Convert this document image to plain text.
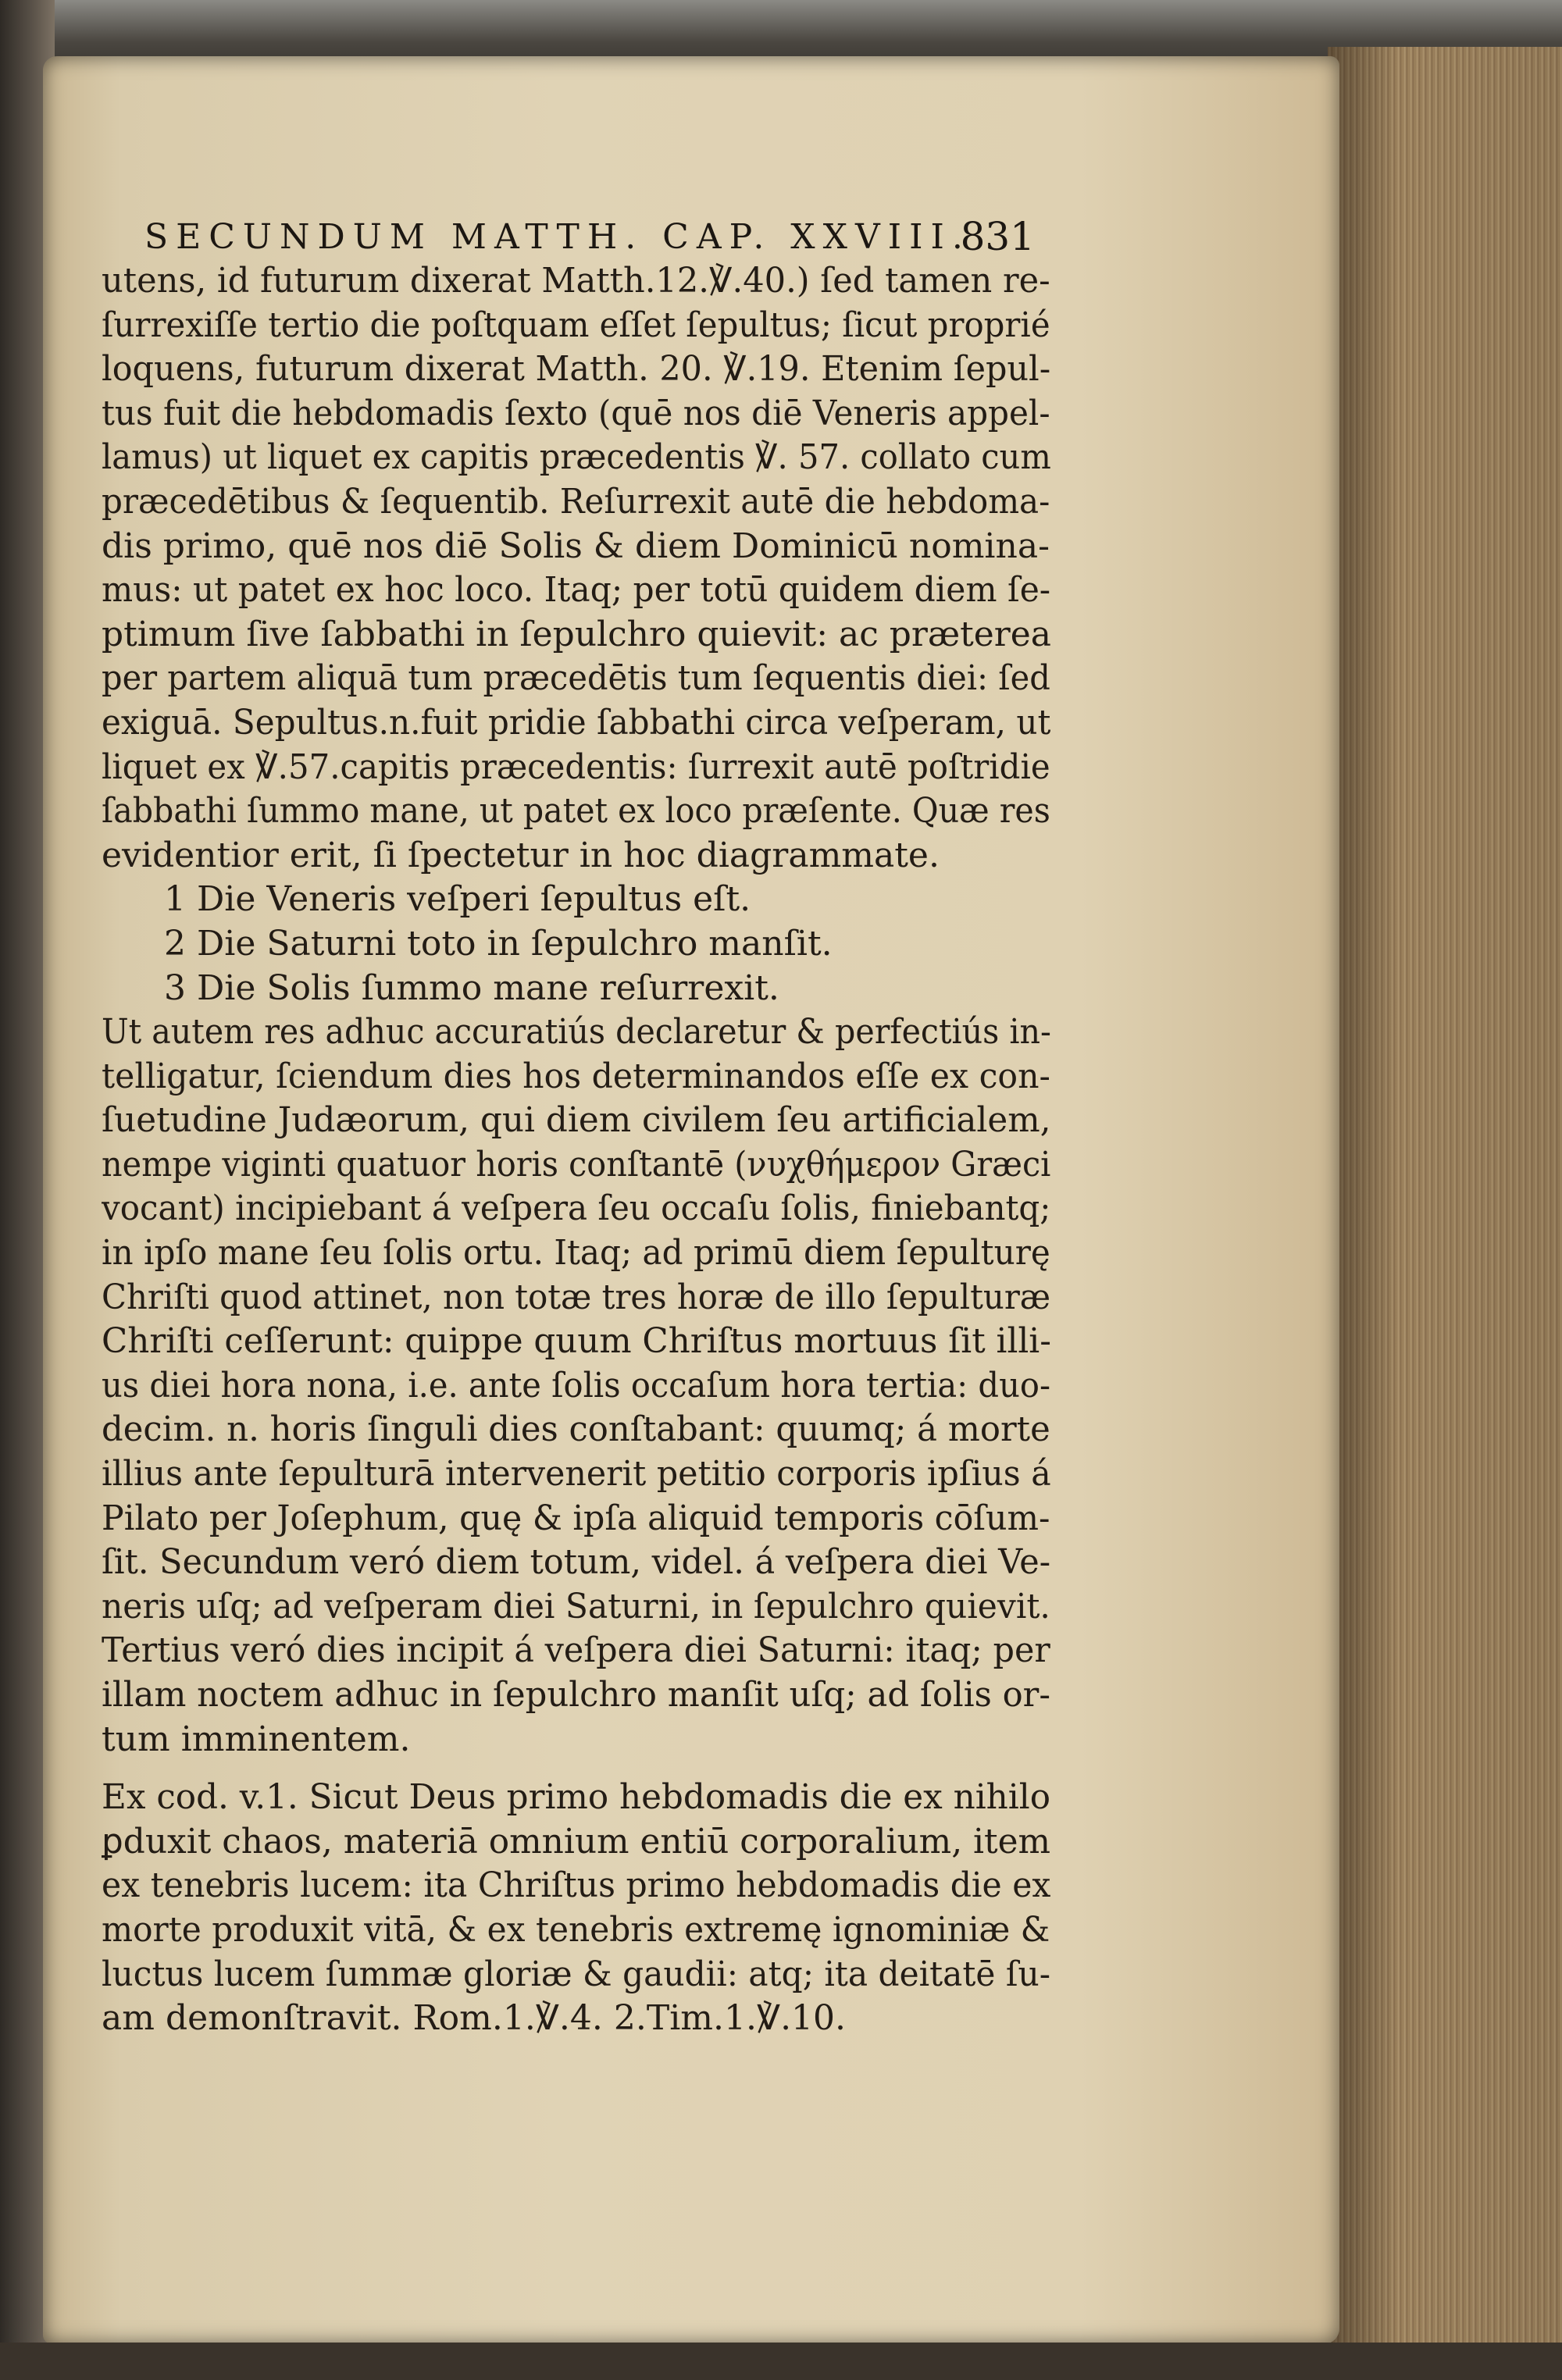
SECUNDUM MATTH. CAP. XXVIII.
831
utens, id futurum dixerat Matth.12.℣.40.) ſed tamen re-
ſurrexiſſe tertio die poſtquam eſſet ſepultus; ſicut proprié
loquens, futurum dixerat Matth. 20. ℣.19. Etenim ſepul-
tus fuit die hebdomadis ſexto (quē nos diē Veneris appel-
lamus) ut liquet ex capitis præcedentis ℣. 57. collato cum
præcedētibus & ſequentib. Reſurrexit autē die hebdoma-
dis primo, quē nos diē Solis & diem Dominicū nomina-
mus: ut patet ex hoc loco. Itaq; per totū quidem diem ſe-
ptimum ſive ſabbathi in ſepulchro quievit: ac præterea
per partem aliquā tum præcedētis tum ſequentis diei: ſed
exiguā. Sepultus.n.fuit pridie ſabbathi circa veſperam, ut
liquet ex ℣.57.capitis præcedentis: ſurrexit autē poſtridie
ſabbathi ſummo mane, ut patet ex loco præſente. Quæ res
evidentior erit, ſi ſpectetur in hoc diagrammate.
1 Die Veneris veſperi ſepultus eſt.
2 Die Saturni toto in ſepulchro manſit.
3 Die Solis ſummo mane reſurrexit.
Ut autem res adhuc accuratiús declaretur & perfectiús in-
telligatur, ſciendum dies hos determinandos eſſe ex con-
ſuetudine Judæorum, qui diem civilem ſeu artificialem,
nempe viginti quatuor horis conſtantē (νυχθήμερον Græci
vocant) incipiebant á veſpera ſeu occaſu ſolis, finiebantq;
in ipſo mane ſeu ſolis ortu. Itaq; ad primū diem ſepulturę
Chriſti quod attinet, non totæ tres horæ de illo ſepulturæ
Chriſti ceſſerunt: quippe quum Chriſtus mortuus ſit illi-
us diei hora nona, i.e. ante ſolis occaſum hora tertia: duo-
decim. n. horis ſinguli dies conſtabant: quumq; á morte
illius ante ſepulturā intervenerit petitio corporis ipſius á
Pilato per Joſephum, quę & ipſa aliquid temporis cōſum-
ſit. Secundum veró diem totum, videl. á veſpera diei Ve-
neris uſq; ad veſperam diei Saturni, in ſepulchro quievit.
Tertius veró dies incipit á veſpera diei Saturni: itaq; per
illam noctem adhuc in ſepulchro manſit uſq; ad ſolis or-
tum imminentem.
Ex cod. v.1. Sicut Deus primo hebdomadis die ex nihilo
ꝑduxit chaos, materiā omnium entiū corporalium, item
ex tenebris lucem: ita Chriſtus primo hebdomadis die ex
morte produxit vitā, & ex tenebris extremę ignominiæ &
luctus lucem ſummæ gloriæ & gaudii: atq; ita deitatē ſu-
am demonſtravit. Rom.1.℣.4. 2.Tim.1.℣.10.
